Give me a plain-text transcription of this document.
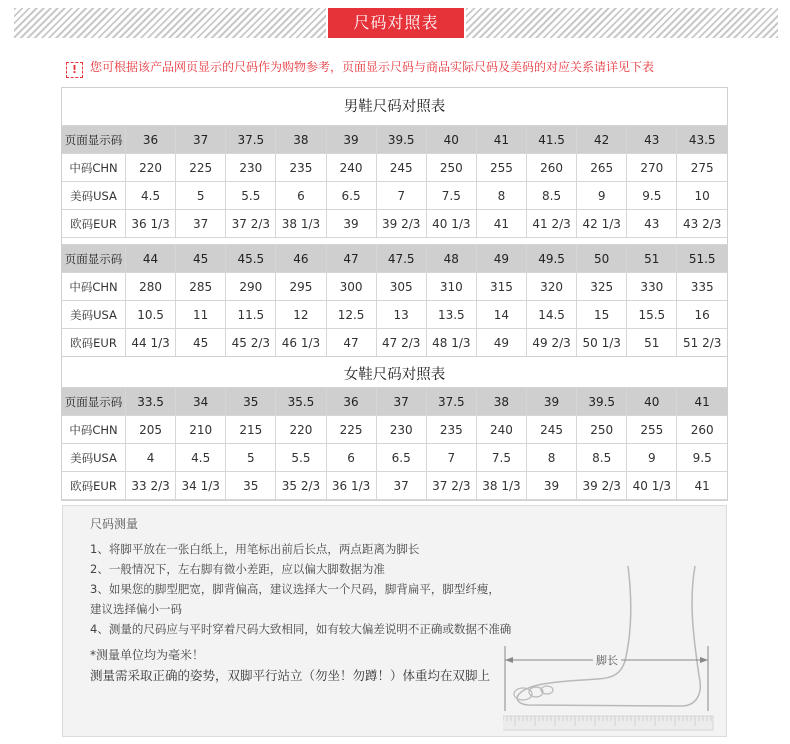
尺码对照表
! 您可根据该产品网页显示的尺码作为购物参考，页面显示尺码与商品实际尺码及美码的对应关系请详见下表
男鞋尺码对照表
页面显示码	36	37	37.5	38	39	39.5	40	41	41.5	42	43	43.5
中码CHN	220	225	230	235	240	245	250	255	260	265	270	275
美码USA	4.5	5	5.5	6	6.5	7	7.5	8	8.5	9	9.5	10
欧码EUR	36 1/3	37	37 2/3	38 1/3	39	39 2/3	40 1/3	41	41 2/3	42 1/3	43	43 2/3

页面显示码	44	45	45.5	46	47	47.5	48	49	49.5	50	51	51.5
中码CHN	280	285	290	295	300	305	310	315	320	325	330	335
美码USA	10.5	11	11.5	12	12.5	13	13.5	14	14.5	15	15.5	16
欧码EUR	44 1/3	45	45 2/3	46 1/3	47	47 2/3	48 1/3	49	49 2/3	50 1/3	51	51 2/3
女鞋尺码对照表
页面显示码	33.5	34	35	35.5	36	37	37.5	38	39	39.5	40	41
中码CHN	205	210	215	220	225	230	235	240	245	250	255	260
美码USA	4	4.5	5	5.5	6	6.5	7	7.5	8	8.5	9	9.5
欧码EUR	33 2/3	34 1/3	35	35 2/3	36 1/3	37	37 2/3	38 1/3	39	39 2/3	40 1/3	41
尺码测量
1、将脚平放在一张白纸上，用笔标出前后长点，两点距离为脚长
2、一般情况下，左右脚有微小差距，应以偏大脚数据为准
3、如果您的脚型肥宽，脚背偏高，建议选择大一个尺码，脚背扁平，脚型纤瘦，
建议选择偏小一码
4、测量的尺码应与平时穿着尺码大致相同，如有较大偏差说明不正确或数据不准确
*测量单位均为毫米！
测量需采取正确的姿势，双脚平行站立（勿坐！勿蹲！）体重均在双脚上
脚长
